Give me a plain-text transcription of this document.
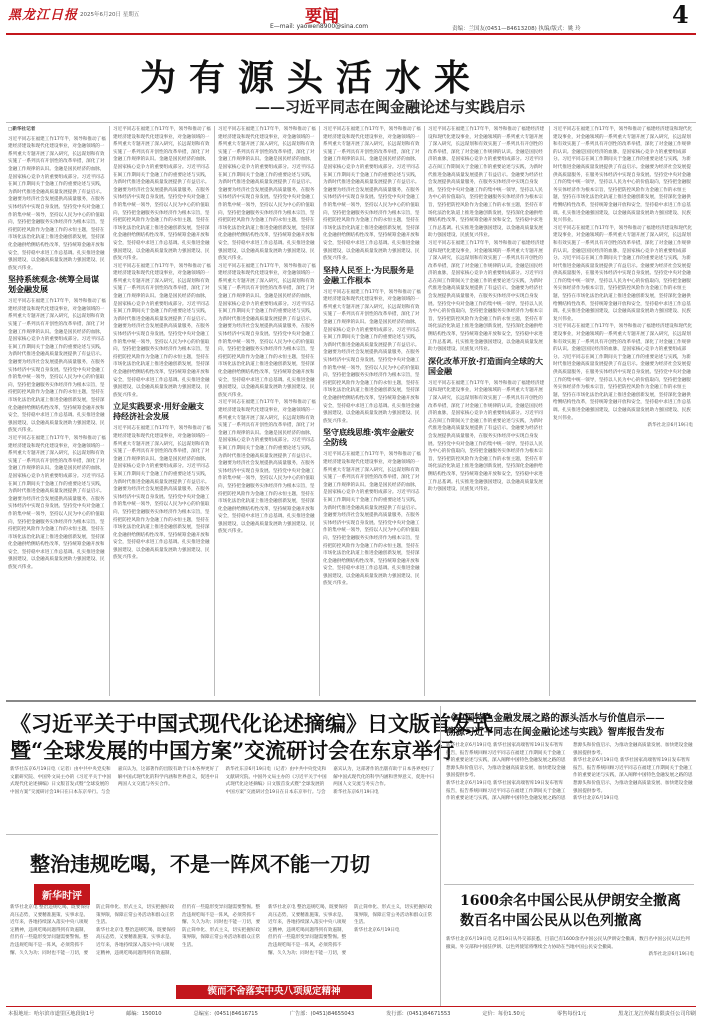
黑龙江日报 2025年6月20日 星期五	要闻
E—mail: yaowen8900@sina.com	4
责编：兰国友(0451—84613208) 执编/版式：姚 玲
为有源头活水来
——习近平同志在闽金融论述与实践启示
□新华社记者
习近平同志在福建工作17年半，领导和推动了福建经济建设和现代化建设事业，对金融领域的一系列重大专题开展了深入研究，长远谋划和有效实施了一系列具有开创性的改革举措，深化了对金融工作规律的认识。金融是国民经济的血脉，是国家核心竞争力的重要组成部分。习近平同志在闽工作期间关于金融工作的重要论述与实践，为新时代推进金融高质量发展提供了有益启示。金融要为经济社会发展提供高质量服务，在服务实体经济中实现自身发展。坚持党中央对金融工作的集中统一领导，坚持以人民为中心的价值取向，坚持把金融服务实体经济作为根本宗旨，坚持把防控风险作为金融工作的永恒主题，坚持在市场化法治化轨道上推进金融创新发展，坚持深化金融供给侧结构性改革，坚持统筹金融开放和安全，坚持稳中求进工作总基调。扎实推进金融强国建设，以金融高质量发展助力强国建设、民族复兴伟业。
坚持系统观念·统筹全局谋划金融发展
习近平同志在福建工作17年半，领导和推动了福建经济建设和现代化建设事业，对金融领域的一系列重大专题开展了深入研究，长远谋划和有效实施了一系列具有开创性的改革举措，深化了对金融工作规律的认识。金融是国民经济的血脉，是国家核心竞争力的重要组成部分。习近平同志在闽工作期间关于金融工作的重要论述与实践，为新时代推进金融高质量发展提供了有益启示。金融要为经济社会发展提供高质量服务，在服务实体经济中实现自身发展。坚持党中央对金融工作的集中统一领导，坚持以人民为中心的价值取向，坚持把金融服务实体经济作为根本宗旨，坚持把防控风险作为金融工作的永恒主题，坚持在市场化法治化轨道上推进金融创新发展，坚持深化金融供给侧结构性改革，坚持统筹金融开放和安全，坚持稳中求进工作总基调。扎实推进金融强国建设，以金融高质量发展助力强国建设、民族复兴伟业。
习近平同志在福建工作17年半，领导和推动了福建经济建设和现代化建设事业，对金融领域的一系列重大专题开展了深入研究，长远谋划和有效实施了一系列具有开创性的改革举措，深化了对金融工作规律的认识。金融是国民经济的血脉，是国家核心竞争力的重要组成部分。习近平同志在闽工作期间关于金融工作的重要论述与实践，为新时代推进金融高质量发展提供了有益启示。金融要为经济社会发展提供高质量服务，在服务实体经济中实现自身发展。坚持党中央对金融工作的集中统一领导，坚持以人民为中心的价值取向，坚持把金融服务实体经济作为根本宗旨，坚持把防控风险作为金融工作的永恒主题，坚持在市场化法治化轨道上推进金融创新发展，坚持深化金融供给侧结构性改革，坚持统筹金融开放和安全，坚持稳中求进工作总基调。扎实推进金融强国建设，以金融高质量发展助力强国建设、民族复兴伟业。
习近平同志在福建工作17年半，领导和推动了福建经济建设和现代化建设事业，对金融领域的一系列重大专题开展了深入研究，长远谋划和有效实施了一系列具有开创性的改革举措，深化了对金融工作规律的认识。金融是国民经济的血脉，是国家核心竞争力的重要组成部分。习近平同志在闽工作期间关于金融工作的重要论述与实践，为新时代推进金融高质量发展提供了有益启示。金融要为经济社会发展提供高质量服务，在服务实体经济中实现自身发展。坚持党中央对金融工作的集中统一领导，坚持以人民为中心的价值取向，坚持把金融服务实体经济作为根本宗旨，坚持把防控风险作为金融工作的永恒主题，坚持在市场化法治化轨道上推进金融创新发展，坚持深化金融供给侧结构性改革，坚持统筹金融开放和安全，坚持稳中求进工作总基调。扎实推进金融强国建设，以金融高质量发展助力强国建设、民族复兴伟业。
习近平同志在福建工作17年半，领导和推动了福建经济建设和现代化建设事业，对金融领域的一系列重大专题开展了深入研究，长远谋划和有效实施了一系列具有开创性的改革举措，深化了对金融工作规律的认识。金融是国民经济的血脉，是国家核心竞争力的重要组成部分。习近平同志在闽工作期间关于金融工作的重要论述与实践，为新时代推进金融高质量发展提供了有益启示。金融要为经济社会发展提供高质量服务，在服务实体经济中实现自身发展。坚持党中央对金融工作的集中统一领导，坚持以人民为中心的价值取向，坚持把金融服务实体经济作为根本宗旨，坚持把防控风险作为金融工作的永恒主题，坚持在市场化法治化轨道上推进金融创新发展，坚持深化金融供给侧结构性改革，坚持统筹金融开放和安全，坚持稳中求进工作总基调。扎实推进金融强国建设，以金融高质量发展助力强国建设、民族复兴伟业。
立足实践要求·用好金融支持经济社会发展
习近平同志在福建工作17年半，领导和推动了福建经济建设和现代化建设事业，对金融领域的一系列重大专题开展了深入研究，长远谋划和有效实施了一系列具有开创性的改革举措，深化了对金融工作规律的认识。金融是国民经济的血脉，是国家核心竞争力的重要组成部分。习近平同志在闽工作期间关于金融工作的重要论述与实践，为新时代推进金融高质量发展提供了有益启示。金融要为经济社会发展提供高质量服务，在服务实体经济中实现自身发展。坚持党中央对金融工作的集中统一领导，坚持以人民为中心的价值取向，坚持把金融服务实体经济作为根本宗旨，坚持把防控风险作为金融工作的永恒主题，坚持在市场化法治化轨道上推进金融创新发展，坚持深化金融供给侧结构性改革，坚持统筹金融开放和安全，坚持稳中求进工作总基调。扎实推进金融强国建设，以金融高质量发展助力强国建设、民族复兴伟业。
习近平同志在福建工作17年半，领导和推动了福建经济建设和现代化建设事业，对金融领域的一系列重大专题开展了深入研究，长远谋划和有效实施了一系列具有开创性的改革举措，深化了对金融工作规律的认识。金融是国民经济的血脉，是国家核心竞争力的重要组成部分。习近平同志在闽工作期间关于金融工作的重要论述与实践，为新时代推进金融高质量发展提供了有益启示。金融要为经济社会发展提供高质量服务，在服务实体经济中实现自身发展。坚持党中央对金融工作的集中统一领导，坚持以人民为中心的价值取向，坚持把金融服务实体经济作为根本宗旨，坚持把防控风险作为金融工作的永恒主题，坚持在市场化法治化轨道上推进金融创新发展，坚持深化金融供给侧结构性改革，坚持统筹金融开放和安全，坚持稳中求进工作总基调。扎实推进金融强国建设，以金融高质量发展助力强国建设、民族复兴伟业。
习近平同志在福建工作17年半，领导和推动了福建经济建设和现代化建设事业，对金融领域的一系列重大专题开展了深入研究，长远谋划和有效实施了一系列具有开创性的改革举措，深化了对金融工作规律的认识。金融是国民经济的血脉，是国家核心竞争力的重要组成部分。习近平同志在闽工作期间关于金融工作的重要论述与实践，为新时代推进金融高质量发展提供了有益启示。金融要为经济社会发展提供高质量服务，在服务实体经济中实现自身发展。坚持党中央对金融工作的集中统一领导，坚持以人民为中心的价值取向，坚持把金融服务实体经济作为根本宗旨，坚持把防控风险作为金融工作的永恒主题，坚持在市场化法治化轨道上推进金融创新发展，坚持深化金融供给侧结构性改革，坚持统筹金融开放和安全，坚持稳中求进工作总基调。扎实推进金融强国建设，以金融高质量发展助力强国建设、民族复兴伟业。
习近平同志在福建工作17年半，领导和推动了福建经济建设和现代化建设事业，对金融领域的一系列重大专题开展了深入研究，长远谋划和有效实施了一系列具有开创性的改革举措，深化了对金融工作规律的认识。金融是国民经济的血脉，是国家核心竞争力的重要组成部分。习近平同志在闽工作期间关于金融工作的重要论述与实践，为新时代推进金融高质量发展提供了有益启示。金融要为经济社会发展提供高质量服务，在服务实体经济中实现自身发展。坚持党中央对金融工作的集中统一领导，坚持以人民为中心的价值取向，坚持把金融服务实体经济作为根本宗旨，坚持把防控风险作为金融工作的永恒主题，坚持在市场化法治化轨道上推进金融创新发展，坚持深化金融供给侧结构性改革，坚持统筹金融开放和安全，坚持稳中求进工作总基调。扎实推进金融强国建设，以金融高质量发展助力强国建设、民族复兴伟业。
习近平同志在福建工作17年半，领导和推动了福建经济建设和现代化建设事业，对金融领域的一系列重大专题开展了深入研究，长远谋划和有效实施了一系列具有开创性的改革举措，深化了对金融工作规律的认识。金融是国民经济的血脉，是国家核心竞争力的重要组成部分。习近平同志在闽工作期间关于金融工作的重要论述与实践，为新时代推进金融高质量发展提供了有益启示。金融要为经济社会发展提供高质量服务，在服务实体经济中实现自身发展。坚持党中央对金融工作的集中统一领导，坚持以人民为中心的价值取向，坚持把金融服务实体经济作为根本宗旨，坚持把防控风险作为金融工作的永恒主题，坚持在市场化法治化轨道上推进金融创新发展，坚持深化金融供给侧结构性改革，坚持统筹金融开放和安全，坚持稳中求进工作总基调。扎实推进金融强国建设，以金融高质量发展助力强国建设、民族复兴伟业。
坚持人民至上·为民服务是金融工作根本
习近平同志在福建工作17年半，领导和推动了福建经济建设和现代化建设事业，对金融领域的一系列重大专题开展了深入研究，长远谋划和有效实施了一系列具有开创性的改革举措，深化了对金融工作规律的认识。金融是国民经济的血脉，是国家核心竞争力的重要组成部分。习近平同志在闽工作期间关于金融工作的重要论述与实践，为新时代推进金融高质量发展提供了有益启示。金融要为经济社会发展提供高质量服务，在服务实体经济中实现自身发展。坚持党中央对金融工作的集中统一领导，坚持以人民为中心的价值取向，坚持把金融服务实体经济作为根本宗旨，坚持把防控风险作为金融工作的永恒主题，坚持在市场化法治化轨道上推进金融创新发展，坚持深化金融供给侧结构性改革，坚持统筹金融开放和安全，坚持稳中求进工作总基调。扎实推进金融强国建设，以金融高质量发展助力强国建设、民族复兴伟业。
坚守底线思维·筑牢金融安全防线
习近平同志在福建工作17年半，领导和推动了福建经济建设和现代化建设事业，对金融领域的一系列重大专题开展了深入研究，长远谋划和有效实施了一系列具有开创性的改革举措，深化了对金融工作规律的认识。金融是国民经济的血脉，是国家核心竞争力的重要组成部分。习近平同志在闽工作期间关于金融工作的重要论述与实践，为新时代推进金融高质量发展提供了有益启示。金融要为经济社会发展提供高质量服务，在服务实体经济中实现自身发展。坚持党中央对金融工作的集中统一领导，坚持以人民为中心的价值取向，坚持把金融服务实体经济作为根本宗旨，坚持把防控风险作为金融工作的永恒主题，坚持在市场化法治化轨道上推进金融创新发展，坚持深化金融供给侧结构性改革，坚持统筹金融开放和安全，坚持稳中求进工作总基调。扎实推进金融强国建设，以金融高质量发展助力强国建设、民族复兴伟业。
习近平同志在福建工作17年半，领导和推动了福建经济建设和现代化建设事业，对金融领域的一系列重大专题开展了深入研究，长远谋划和有效实施了一系列具有开创性的改革举措，深化了对金融工作规律的认识。金融是国民经济的血脉，是国家核心竞争力的重要组成部分。习近平同志在闽工作期间关于金融工作的重要论述与实践，为新时代推进金融高质量发展提供了有益启示。金融要为经济社会发展提供高质量服务，在服务实体经济中实现自身发展。坚持党中央对金融工作的集中统一领导，坚持以人民为中心的价值取向，坚持把金融服务实体经济作为根本宗旨，坚持把防控风险作为金融工作的永恒主题，坚持在市场化法治化轨道上推进金融创新发展，坚持深化金融供给侧结构性改革，坚持统筹金融开放和安全，坚持稳中求进工作总基调。扎实推进金融强国建设，以金融高质量发展助力强国建设、民族复兴伟业。
习近平同志在福建工作17年半，领导和推动了福建经济建设和现代化建设事业，对金融领域的一系列重大专题开展了深入研究，长远谋划和有效实施了一系列具有开创性的改革举措，深化了对金融工作规律的认识。金融是国民经济的血脉，是国家核心竞争力的重要组成部分。习近平同志在闽工作期间关于金融工作的重要论述与实践，为新时代推进金融高质量发展提供了有益启示。金融要为经济社会发展提供高质量服务，在服务实体经济中实现自身发展。坚持党中央对金融工作的集中统一领导，坚持以人民为中心的价值取向，坚持把金融服务实体经济作为根本宗旨，坚持把防控风险作为金融工作的永恒主题，坚持在市场化法治化轨道上推进金融创新发展，坚持深化金融供给侧结构性改革，坚持统筹金融开放和安全，坚持稳中求进工作总基调。扎实推进金融强国建设，以金融高质量发展助力强国建设、民族复兴伟业。
深化改革开放·打造面向全球的大国金融
习近平同志在福建工作17年半，领导和推动了福建经济建设和现代化建设事业，对金融领域的一系列重大专题开展了深入研究，长远谋划和有效实施了一系列具有开创性的改革举措，深化了对金融工作规律的认识。金融是国民经济的血脉，是国家核心竞争力的重要组成部分。习近平同志在闽工作期间关于金融工作的重要论述与实践，为新时代推进金融高质量发展提供了有益启示。金融要为经济社会发展提供高质量服务，在服务实体经济中实现自身发展。坚持党中央对金融工作的集中统一领导，坚持以人民为中心的价值取向，坚持把金融服务实体经济作为根本宗旨，坚持把防控风险作为金融工作的永恒主题，坚持在市场化法治化轨道上推进金融创新发展，坚持深化金融供给侧结构性改革，坚持统筹金融开放和安全，坚持稳中求进工作总基调。扎实推进金融强国建设，以金融高质量发展助力强国建设、民族复兴伟业。
习近平同志在福建工作17年半，领导和推动了福建经济建设和现代化建设事业，对金融领域的一系列重大专题开展了深入研究，长远谋划和有效实施了一系列具有开创性的改革举措，深化了对金融工作规律的认识。金融是国民经济的血脉，是国家核心竞争力的重要组成部分。习近平同志在闽工作期间关于金融工作的重要论述与实践，为新时代推进金融高质量发展提供了有益启示。金融要为经济社会发展提供高质量服务，在服务实体经济中实现自身发展。坚持党中央对金融工作的集中统一领导，坚持以人民为中心的价值取向，坚持把金融服务实体经济作为根本宗旨，坚持把防控风险作为金融工作的永恒主题，坚持在市场化法治化轨道上推进金融创新发展，坚持深化金融供给侧结构性改革，坚持统筹金融开放和安全，坚持稳中求进工作总基调。扎实推进金融强国建设，以金融高质量发展助力强国建设、民族复兴伟业。
习近平同志在福建工作17年半，领导和推动了福建经济建设和现代化建设事业，对金融领域的一系列重大专题开展了深入研究，长远谋划和有效实施了一系列具有开创性的改革举措，深化了对金融工作规律的认识。金融是国民经济的血脉，是国家核心竞争力的重要组成部分。习近平同志在闽工作期间关于金融工作的重要论述与实践，为新时代推进金融高质量发展提供了有益启示。金融要为经济社会发展提供高质量服务，在服务实体经济中实现自身发展。坚持党中央对金融工作的集中统一领导，坚持以人民为中心的价值取向，坚持把金融服务实体经济作为根本宗旨，坚持把防控风险作为金融工作的永恒主题，坚持在市场化法治化轨道上推进金融创新发展，坚持深化金融供给侧结构性改革，坚持统筹金融开放和安全，坚持稳中求进工作总基调。扎实推进金融强国建设，以金融高质量发展助力强国建设、民族复兴伟业。
习近平同志在福建工作17年半，领导和推动了福建经济建设和现代化建设事业，对金融领域的一系列重大专题开展了深入研究，长远谋划和有效实施了一系列具有开创性的改革举措，深化了对金融工作规律的认识。金融是国民经济的血脉，是国家核心竞争力的重要组成部分。习近平同志在闽工作期间关于金融工作的重要论述与实践，为新时代推进金融高质量发展提供了有益启示。金融要为经济社会发展提供高质量服务，在服务实体经济中实现自身发展。坚持党中央对金融工作的集中统一领导，坚持以人民为中心的价值取向，坚持把金融服务实体经济作为根本宗旨，坚持把防控风险作为金融工作的永恒主题，坚持在市场化法治化轨道上推进金融创新发展，坚持深化金融供给侧结构性改革，坚持统筹金融开放和安全，坚持稳中求进工作总基调。扎实推进金融强国建设，以金融高质量发展助力强国建设、民族复兴伟业。
新华社北京6月19日电
《习近平关于中国式现代化论述摘编》日文版首发式
暨“全球发展的中国方案”交流研讨会在东京举行
新华社东京6月19日电（记者）由中共中央党史和文献研究院、中国外文局主办的《习近平关于中国式现代化论述摘编》日文版首发式暨“全球发展的中国方案”交流研讨会19日在日本东京举行。与会嘉宾认为，这部著作的出版有助于日本各界更好了解中国式现代化的科学内涵和世界意义，促进中日两国人文交流与务实合作。
新华社东京6月19日电（记者）由中共中央党史和文献研究院、中国外文局主办的《习近平关于中国式现代化论述摘编》日文版首发式暨“全球发展的中国方案”交流研讨会19日在日本东京举行。与会嘉宾认为，这部著作的出版有助于日本各界更好了解中国式现代化的科学内涵和世界意义，促进中日两国人文交流与务实合作。
新华社东京6月19日电
《中国特色金融发展之路的源头活水与价值启示——
溯源习近平同志在闽金融论述与实践》智库报告发布
新华社北京6月19日电 新华社国家高端智库19日发布智库报告，报告系统回顾习近平同志在福建工作期间关于金融工作的重要论述与实践，深入阐释中国特色金融发展之路的思想源头和价值启示，为推动金融高质量发展、加快建设金融强国提供参考。
新华社北京6月19日电 新华社国家高端智库19日发布智库报告，报告系统回顾习近平同志在福建工作期间关于金融工作的重要论述与实践，深入阐释中国特色金融发展之路的思想源头和价值启示，为推动金融高质量发展、加快建设金融强国提供参考。
新华社北京6月19日电 新华社国家高端智库19日发布智库报告，报告系统回顾习近平同志在福建工作期间关于金融工作的重要论述与实践，深入阐释中国特色金融发展之路的思想源头和价值启示，为推动金融高质量发展、加快建设金融强国提供参考。
新华社北京6月19日电
整治违规吃喝，不是一阵风不能一刀切
新华时评
新华社北京电 整治违规吃喝，既要保持高压态势，又要精准施策、实事求是。近年来，各地持续深入落实中央八项规定精神，违规吃喝问题得到有效遏制，但仍有一些隐形变异问题需要警惕。整治违规吃喝不是一阵风，必须常抓不懈、久久为功；同时也不能一刀切，要防止简单化、形式主义，切实把握好政策界限，保障正常公务活动和群众正常生活。
新华社北京电 整治违规吃喝，既要保持高压态势，又要精准施策、实事求是。近年来，各地持续深入落实中央八项规定精神，违规吃喝问题得到有效遏制，但仍有一些隐形变异问题需要警惕。整治违规吃喝不是一阵风，必须常抓不懈、久久为功；同时也不能一刀切，要防止简单化、形式主义，切实把握好政策界限，保障正常公务活动和群众正常生活。
新华社北京电 整治违规吃喝，既要保持高压态势，又要精准施策、实事求是。近年来，各地持续深入落实中央八项规定精神，违规吃喝问题得到有效遏制，但仍有一些隐形变异问题需要警惕。整治违规吃喝不是一阵风，必须常抓不懈、久久为功；同时也不能一刀切，要防止简单化、形式主义，切实把握好政策界限，保障正常公务活动和群众正常生活。
新华社北京6月19日电
1600余名中国公民从伊朗安全撤离
数百名中国公民从以色列撤离
新华社北京6月19日电 记者19日从外交部获悉，目前已有1600余名中国公民从伊朗安全撤离，数百名中国公民从以色列撤离。外交部和中国驻伊朗、以色列使馆将继续全力协助在当地中国公民安全撤离。
新华社北京6月19日电
锲而不舍落实中央八项规定精神
本报地址：哈尔滨市道里区地段街1号	邮编：150010	总编室：(0451)84616715	广告部：(0451)84655043	发行部：(0451)84671553	定价：每份1.50元	零售每份1元	黑龙江龙江传媒有限责任公司印刷
